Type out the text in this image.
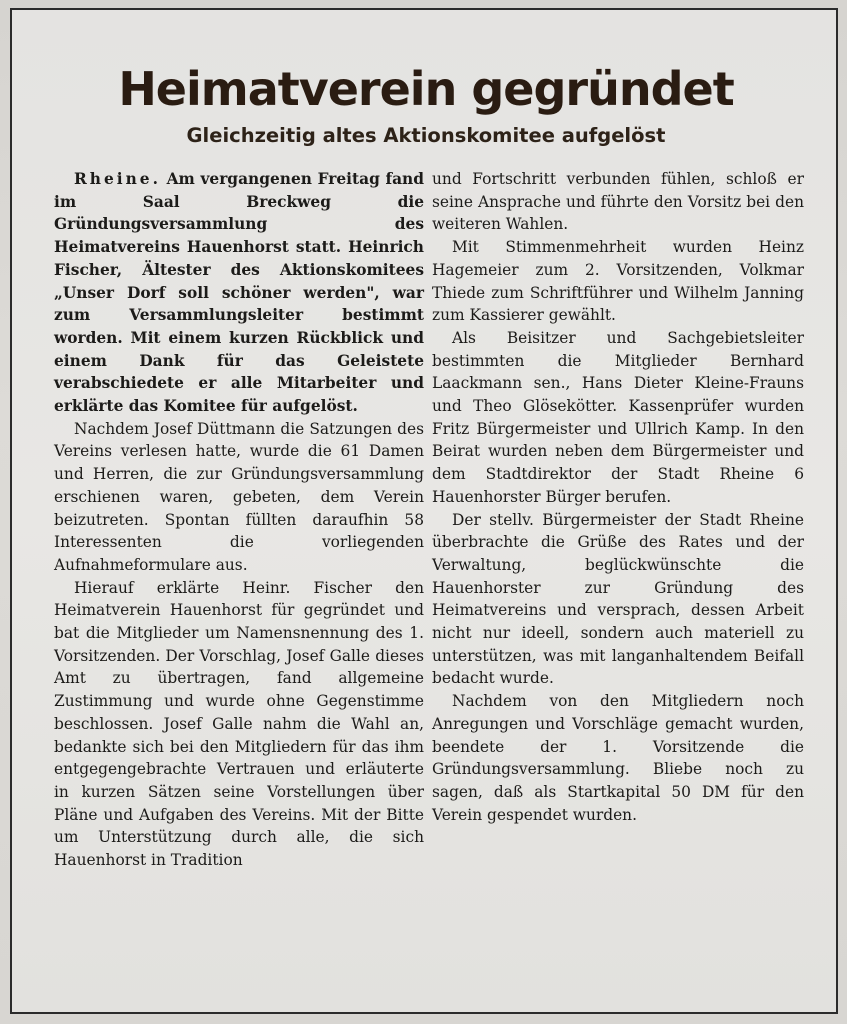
Heimatverein gegründet
Gleichzeitig altes Aktionskomitee aufgelöst

Rheine. Am vergangenen Freitag fand im Saal Breckweg die Gründungsversammlung des Heimatvereins Hauenhorst statt. Heinrich Fischer, Ältester des Aktionskomitees „Unser Dorf soll schöner werden", war zum Versammlungsleiter bestimmt worden. Mit einem kurzen Rückblick und einem Dank für das Geleistete verabschiedete er alle Mitarbeiter und erklärte das Komitee für aufgelöst.

Nachdem Josef Düttmann die Satzungen des Vereins verlesen hatte, wurde die 61 Damen und Herren, die zur Gründungsversammlung erschienen waren, gebeten, dem Verein beizutreten. Spontan füllten daraufhin 58 Interessenten die vorliegenden Aufnahmeformulare aus.

Hierauf erklärte Heinr. Fischer den Heimatverein Hauenhorst für gegründet und bat die Mitglieder um Namensnennung des 1. Vorsitzenden. Der Vorschlag, Josef Galle dieses Amt zu übertragen, fand allgemeine Zustimmung und wurde ohne Gegenstimme beschlossen. Josef Galle nahm die Wahl an, bedankte sich bei den Mitgliedern für das ihm entgegengebrachte Vertrauen und erläuterte in kurzen Sätzen seine Vorstellungen über Pläne und Aufgaben des Vereins. Mit der Bitte um Unterstützung durch alle, die sich Hauenhorst in Tradition

und Fortschritt verbunden fühlen, schloß er seine Ansprache und führte den Vorsitz bei den weiteren Wahlen.

Mit Stimmenmehrheit wurden Heinz Hagemeier zum 2. Vorsitzenden, Volkmar Thiede zum Schriftführer und Wilhelm Janning zum Kassierer gewählt.

Als Beisitzer und Sachgebietsleiter bestimmten die Mitglieder Bernhard Laackmann sen., Hans Dieter Kleine-Frauns und Theo Glösekötter. Kassenprüfer wurden Fritz Bürgermeister und Ullrich Kamp. In den Beirat wurden neben dem Bürgermeister und dem Stadtdirektor der Stadt Rheine 6 Hauenhorster Bürger berufen.

Der stellv. Bürgermeister der Stadt Rheine überbrachte die Grüße des Rates und der Verwaltung, beglückwünschte die Hauenhorster zur Gründung des Heimatvereins und versprach, dessen Arbeit nicht nur ideell, sondern auch materiell zu unterstützen, was mit langanhaltendem Beifall bedacht wurde.

Nachdem von den Mitgliedern noch Anregungen und Vorschläge gemacht wurden, beendete der 1. Vorsitzende die Gründungsversammlung. Bliebe noch zu sagen, daß als Startkapital 50 DM für den Verein gespendet wurden.
